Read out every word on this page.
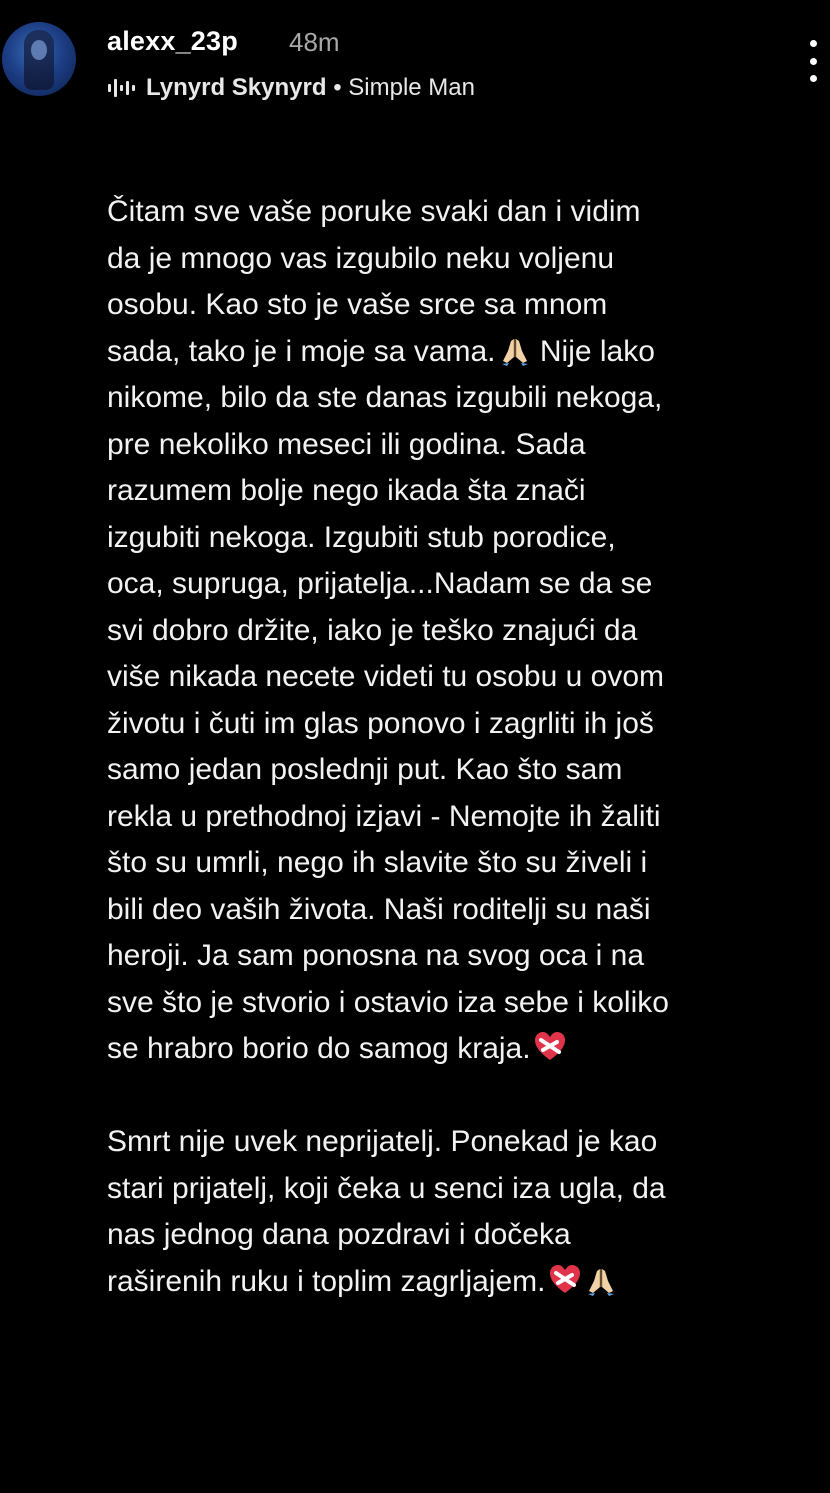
alexx_23p 48m
Lynyrd Skynyrd • Simple Man
Čitam sve vaše poruke svaki dan i vidim
da je mnogo vas izgubilo neku voljenu
osobu. Kao sto je vaše srce sa mnom
sada, tako je i moje sa vama. Nije lako
nikome, bilo da ste danas izgubili nekoga,
pre nekoliko meseci ili godina. Sada
razumem bolje nego ikada šta znači
izgubiti nekoga. Izgubiti stub porodice,
oca, supruga, prijatelja...Nadam se da se
svi dobro držite, iako je teško znajući da
više nikada necete videti tu osobu u ovom
životu i čuti im glas ponovo i zagrliti ih još
samo jedan poslednji put. Kao što sam
rekla u prethodnoj izjavi - Nemojte ih žaliti
što su umrli, nego ih slavite što su živeli i
bili deo vaših života. Naši roditelji su naši
heroji. Ja sam ponosna na svog oca i na
sve što je stvorio i ostavio iza sebe i koliko
se hrabro borio do samog kraja.
Smrt nije uvek neprijatelj. Ponekad je kao
stari prijatelj, koji čeka u senci iza ugla, da
nas jednog dana pozdravi i dočeka
raširenih ruku i toplim zagrljajem.
